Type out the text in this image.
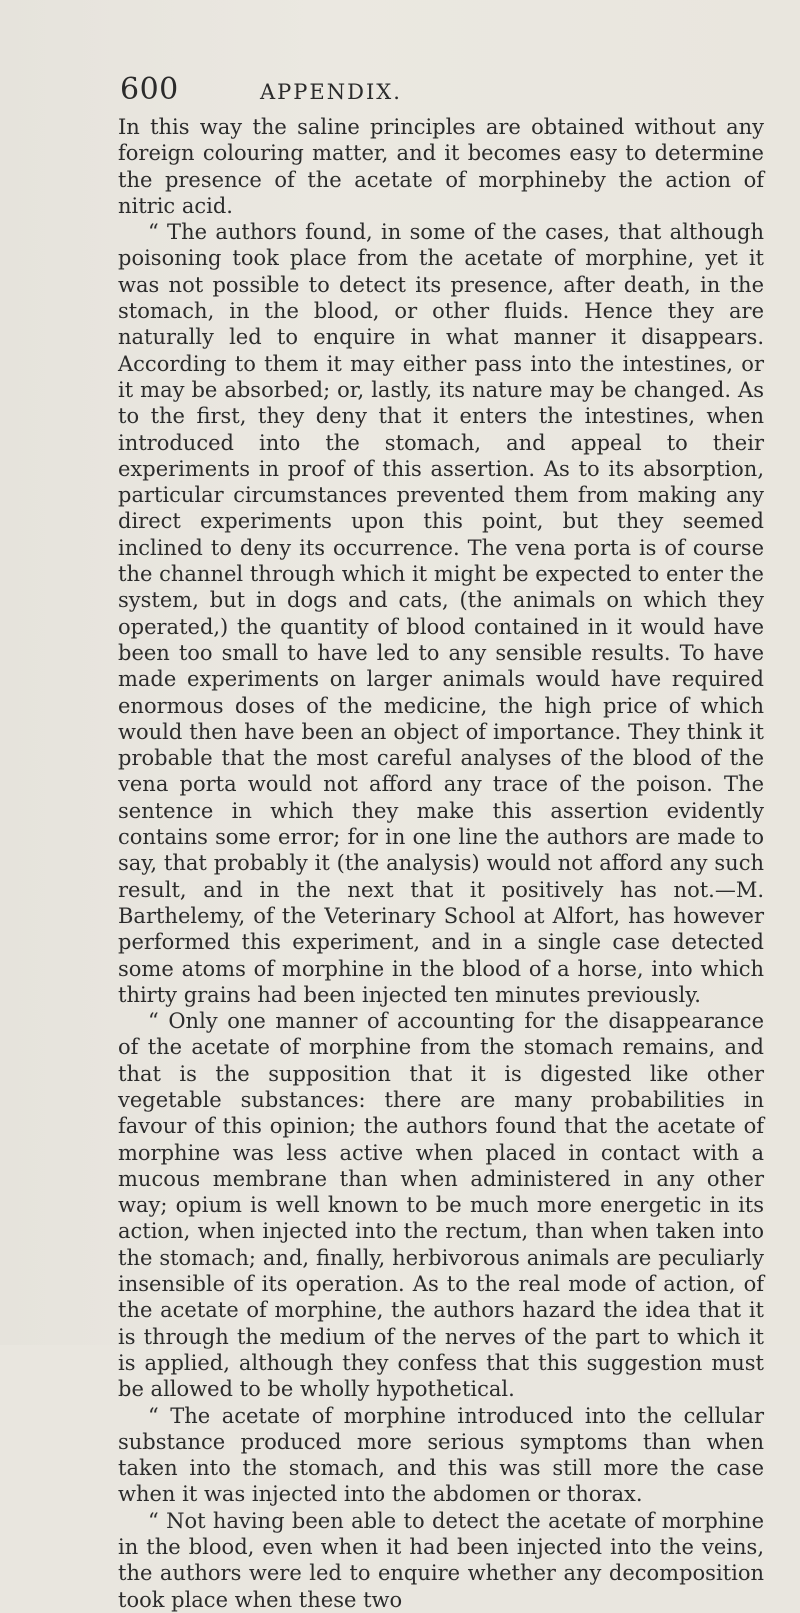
600	APPENDIX.

In this way the saline principles are obtained without any foreign colouring matter, and it becomes easy to determine the presence of the acetate of morphineby the action of nitric acid.

“ The authors found, in some of the cases, that although poisoning took place from the acetate of morphine, yet it was not possible to detect its presence, after death, in the stomach, in the blood, or other fluids. Hence they are naturally led to enquire in what manner it disappears. According to them it may either pass into the intestines, or it may be absorbed; or, lastly, its nature may be changed. As to the first, they deny that it enters the intestines, when introduced into the stomach, and appeal to their experiments in proof of this assertion. As to its absorption, particular circumstances prevented them from making any direct experiments upon this point, but they seemed inclined to deny its occurrence. The vena porta is of course the channel through which it might be expected to enter the system, but in dogs and cats, (the animals on which they operated,) the quantity of blood contained in it would have been too small to have led to any sensible results. To have made experiments on larger animals would have required enormous doses of the medicine, the high price of which would then have been an object of importance. They think it probable that the most careful analyses of the blood of the vena porta would not afford any trace of the poison. The sentence in which they make this assertion evidently contains some error; for in one line the authors are made to say, that probably it (the analysis) would not afford any such result, and in the next that it positively has not.—M. Barthelemy, of the Veterinary School at Alfort, has however performed this experiment, and in a single case detected some atoms of morphine in the blood of a horse, into which thirty grains had been injected ten minutes previously.

“ Only one manner of accounting for the disappearance of the acetate of morphine from the stomach remains, and that is the supposition that it is digested like other vegetable substances: there are many probabilities in favour of this opinion; the authors found that the acetate of morphine was less active when placed in contact with a mucous membrane than when administered in any other way; opium is well known to be much more energetic in its action, when injected into the rectum, than when taken into the stomach; and, finally, herbivorous animals are peculiarly insensible of its operation. As to the real mode of action, of the acetate of morphine, the authors hazard the idea that it is through the medium of the nerves of the part to which it is applied, although they confess that this suggestion must be allowed to be wholly hypothetical.

“ The acetate of morphine introduced into the cellular substance produced more serious symptoms than when taken into the stomach, and this was still more the case when it was injected into the abdomen or thorax.

“ Not having been able to detect the acetate of morphine in the blood, even when it had been injected into the veins, the authors were led to enquire whether any decomposition took place when these two
